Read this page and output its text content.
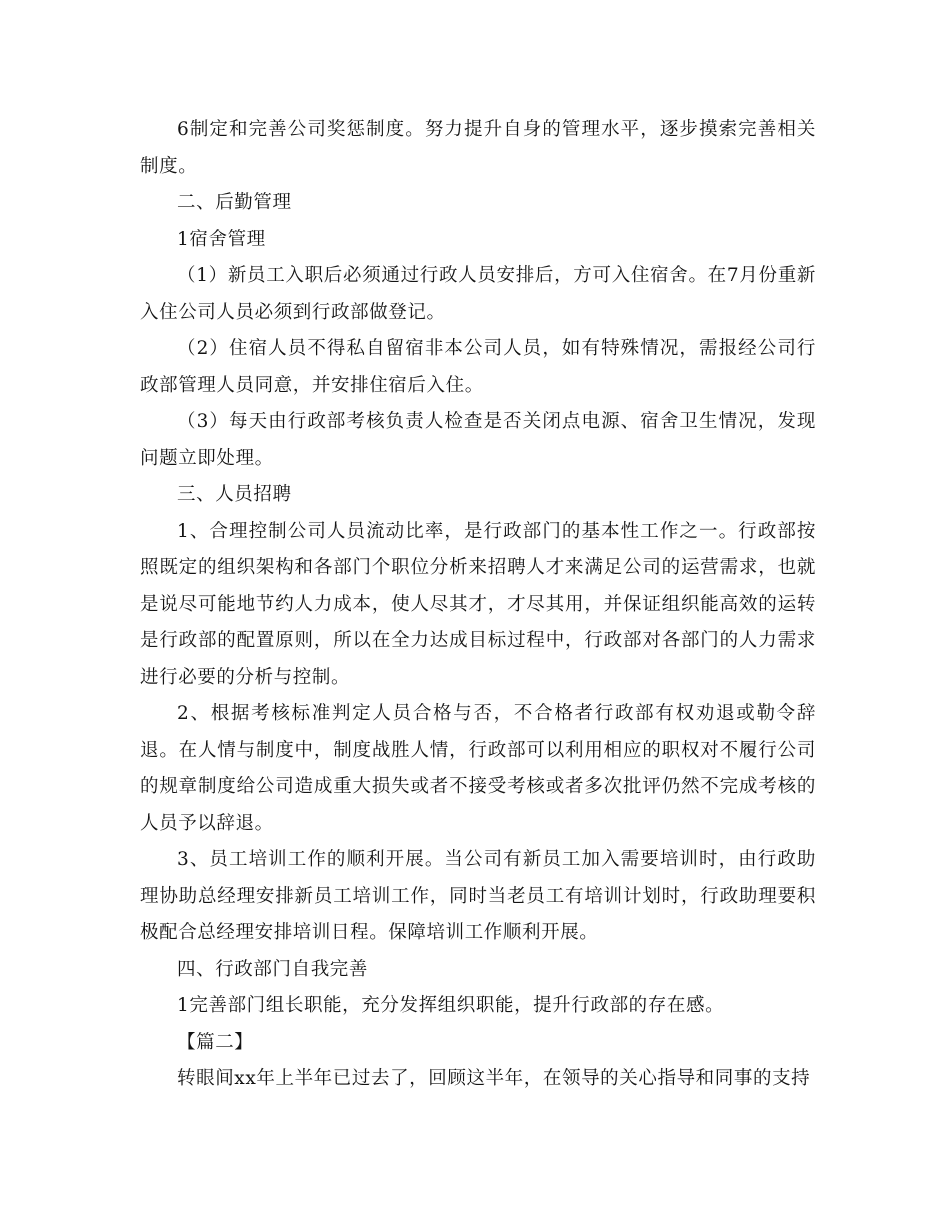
6制定和完善公司奖惩制度。努力提升自身的管理水平，逐步摸索完善相关制度。

二、后勤管理

1宿舍管理

（1）新员工入职后必须通过行政人员安排后，方可入住宿舍。在7月份重新入住公司人员必须到行政部做登记。

（2）住宿人员不得私自留宿非本公司人员，如有特殊情况，需报经公司行政部管理人员同意，并安排住宿后入住。

（3）每天由行政部考核负责人检查是否关闭点电源、宿舍卫生情况，发现问题立即处理。

三、人员招聘

1、合理控制公司人员流动比率，是行政部门的基本性工作之一。行政部按照既定的组织架构和各部门个职位分析来招聘人才来满足公司的运营需求，也就是说尽可能地节约人力成本，使人尽其才，才尽其用，并保证组织能高效的运转是行政部的配置原则，所以在全力达成目标过程中，行政部对各部门的人力需求进行必要的分析与控制。

2、根据考核标准判定人员合格与否，不合格者行政部有权劝退或勒令辞退。在人情与制度中，制度战胜人情，行政部可以利用相应的职权对不履行公司的规章制度给公司造成重大损失或者不接受考核或者多次批评仍然不完成考核的人员予以辞退。

3、员工培训工作的顺利开展。当公司有新员工加入需要培训时，由行政助理协助总经理安排新员工培训工作，同时当老员工有培训计划时，行政助理要积极配合总经理安排培训日程。保障培训工作顺利开展。

四、行政部门自我完善

1完善部门组长职能，充分发挥组织职能，提升行政部的存在感。

【篇二】

转眼间xx年上半年已过去了，回顾这半年，在领导的关心指导和同事的支持
